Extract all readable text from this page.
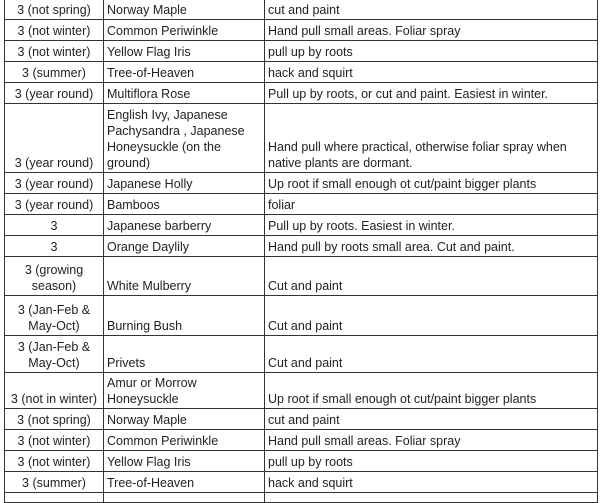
3 (not spring)	Norway Maple	cut and paint
3 (not winter)	Common Periwinkle	Hand pull small areas. Foliar spray
3 (not winter)	Yellow Flag Iris	pull up by roots
3 (summer)	Tree-of-Heaven	hack and squirt
3 (year round)	Multiflora Rose	Pull up by roots, or cut and paint. Easiest in winter.
3 (year round)	English Ivy, Japanese Pachysandra , Japanese Honeysuckle (on the ground)	Hand pull where practical, otherwise foliar spray when native plants are dormant.
3 (year round)	Japanese Holly	Up root if small enough ot cut/paint bigger plants
3 (year round)	Bamboos	foliar
3	Japanese barberry	Pull up by roots. Easiest in winter.
3	Orange Daylily	Hand pull by roots small area. Cut and paint.
3 (growing season)	White Mulberry	Cut and paint
3 (Jan-Feb & May-Oct)	Burning Bush	Cut and paint
3 (Jan-Feb & May-Oct)	Privets	Cut and paint
3 (not in winter)	Amur or Morrow Honeysuckle	Up root if small enough ot cut/paint bigger plants
3 (not spring)	Norway Maple	cut and paint
3 (not winter)	Common Periwinkle	Hand pull small areas. Foliar spray
3 (not winter)	Yellow Flag Iris	pull up by roots
3 (summer)	Tree-of-Heaven	hack and squirt
